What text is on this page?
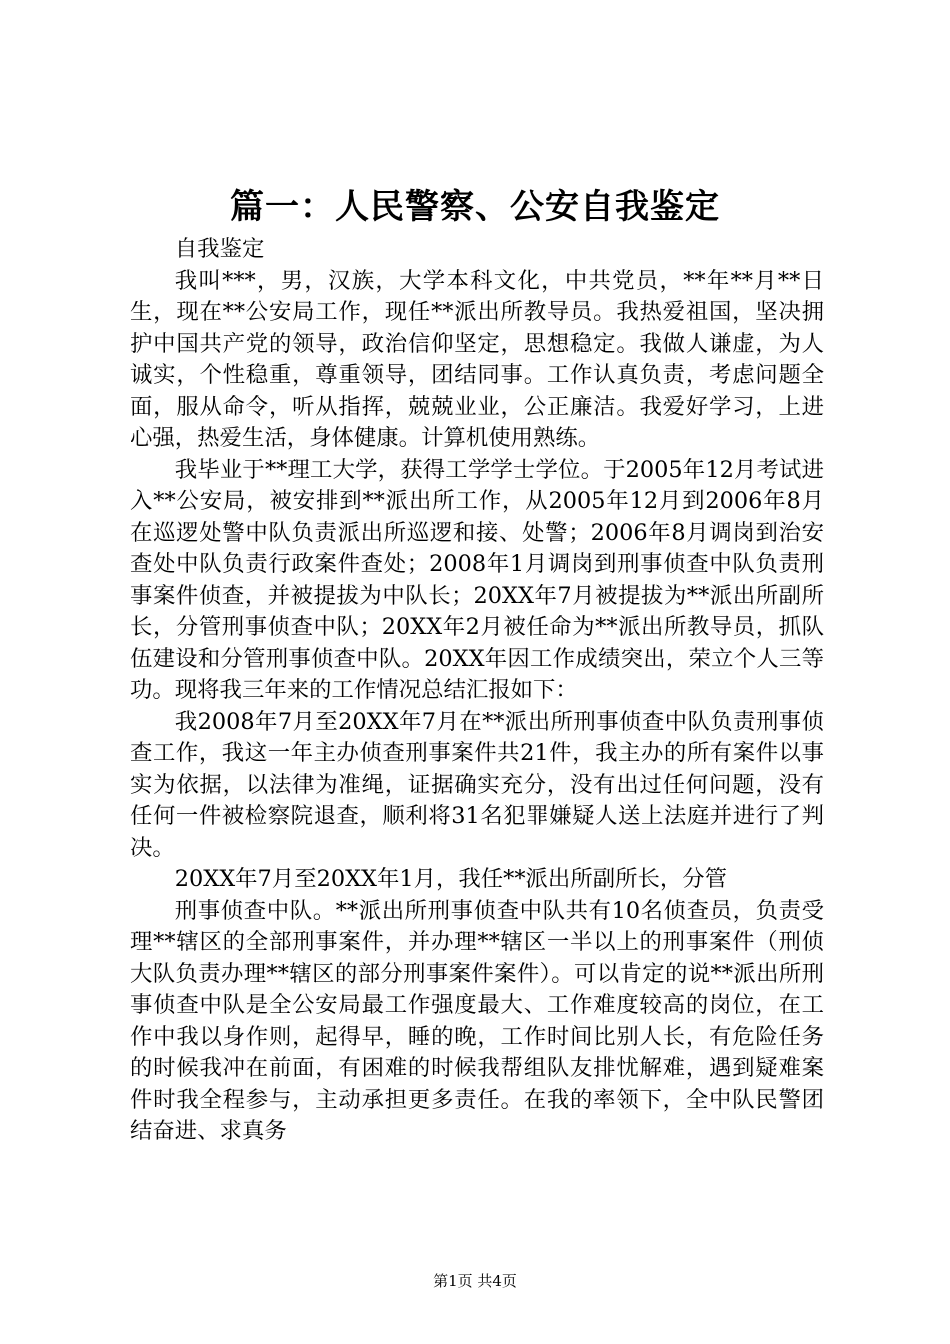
篇一：人民警察、公安自我鉴定

自我鉴定

我叫***，男，汉族，大学本科文化，中共党员，**年**月**日生，现在**公安局工作，现任**派出所教导员。我热爱祖国，坚决拥护中国共产党的领导，政治信仰坚定，思想稳定。我做人谦虚，为人诚实，个性稳重，尊重领导，团结同事。工作认真负责，考虑问题全面，服从命令，听从指挥，兢兢业业，公正廉洁。我爱好学习，上进心强，热爱生活，身体健康。计算机使用熟练。

我毕业于**理工大学，获得工学学士学位。于2005年12月考试进入**公安局，被安排到**派出所工作，从2005年12月到2006年8月在巡逻处警中队负责派出所巡逻和接、处警；2006年8月调岗到治安查处中队负责行政案件查处；2008年1月调岗到刑事侦查中队负责刑事案件侦查，并被提拔为中队长；20XX年7月被提拔为**派出所副所长，分管刑事侦查中队；20XX年2月被任命为**派出所教导员，抓队伍建设和分管刑事侦查中队。20XX年因工作成绩突出，荣立个人三等功。现将我三年来的工作情况总结汇报如下：

我2008年7月至20XX年7月在**派出所刑事侦查中队负责刑事侦查工作，我这一年主办侦查刑事案件共21件，我主办的所有案件以事实为依据，以法律为准绳，证据确实充分，没有出过任何问题，没有任何一件被检察院退查，顺利将31名犯罪嫌疑人送上法庭并进行了判决。

20XX年7月至20XX年1月，我任**派出所副所长，分管

刑事侦查中队。**派出所刑事侦查中队共有10名侦查员，负责受理**辖区的全部刑事案件，并办理**辖区一半以上的刑事案件（刑侦大队负责办理**辖区的部分刑事案件案件）。可以肯定的说**派出所刑事侦查中队是全公安局最工作强度最大、工作难度较高的岗位，在工作中我以身作则，起得早，睡的晚，工作时间比别人长，有危险任务的时候我冲在前面，有困难的时候我帮组队友排忧解难，遇到疑难案件时我全程参与，主动承担更多责任。在我的率领下，全中队民警团结奋进、求真务

第1页 共4页
